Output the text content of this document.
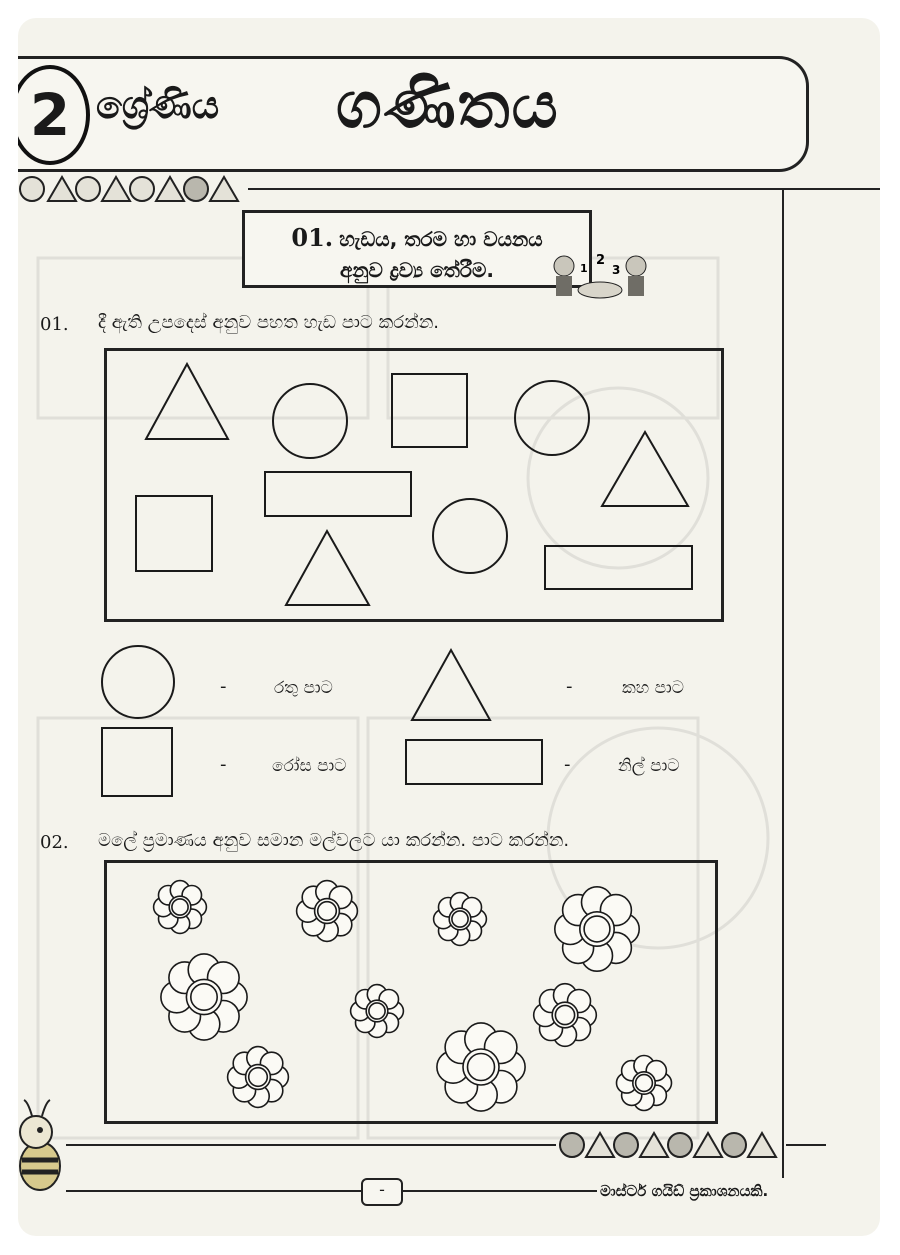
2 ශ්‍රේණිය ගණිතය
01. හැඩය, තරම හා වයනය
අනුව ද්‍රව්‍ය තේරීම.	1
2
3
01. දී ඇති උපදෙස් අනුව පහත හැඩ පාට කරන්න.
-	රතු පාට	-	කහ පාට
-	රෝස පාට	-	නිල් පාට
02. මලේ ප්‍රමාණය අනුව සමාන මල්වලට යා කරන්න. පාට කරන්න.
-	මාස්ටර් ගයිඩ් ප්‍රකාශනයකි.
